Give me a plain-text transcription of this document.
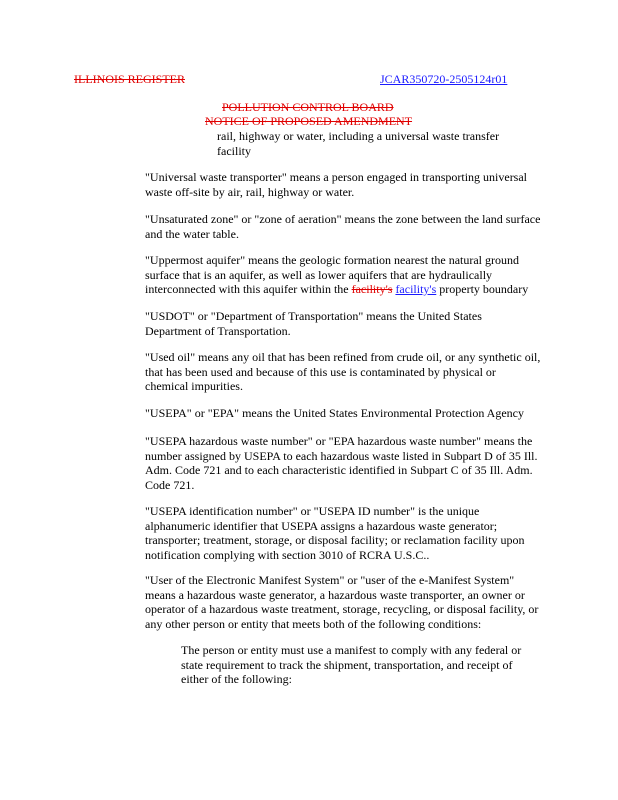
ILLINOIS REGISTER	JCAR350720-2505124r01
POLLUTION CONTROL BOARD
NOTICE OF PROPOSED AMENDMENT
rail, highway or water, including a universal waste transfer
facility
"Universal waste transporter" means a person engaged in transporting universal
waste off-site by air, rail, highway or water.
"Unsaturated zone" or "zone of aeration" means the zone between the land surface
and the water table.
"Uppermost aquifer" means the geologic formation nearest the natural ground
surface that is an aquifer, as well as lower aquifers that are hydraulically
interconnected with this aquifer within the facility's facility's property boundary
"USDOT" or "Department of Transportation" means the United States
Department of Transportation.
"Used oil" means any oil that has been refined from crude oil, or any synthetic oil,
that has been used and because of this use is contaminated by physical or
chemical impurities.
"USEPA" or "EPA" means the United States Environmental Protection Agency
"USEPA hazardous waste number" or "EPA hazardous waste number" means the
number assigned by USEPA to each hazardous waste listed in Subpart D of 35 Ill.
Adm. Code 721 and to each characteristic identified in Subpart C of 35 Ill. Adm.
Code 721.
"USEPA identification number" or "USEPA ID number" is the unique
alphanumeric identifier that USEPA assigns a hazardous waste generator;
transporter; treatment, storage, or disposal facility; or reclamation facility upon
notification complying with section 3010 of RCRA U.S.C..
"User of the Electronic Manifest System" or "user of the e-Manifest System"
means a hazardous waste generator, a hazardous waste transporter, an owner or
operator of a hazardous waste treatment, storage, recycling, or disposal facility, or
any other person or entity that meets both of the following conditions:
The person or entity must use a manifest to comply with any federal or
state requirement to track the shipment, transportation, and receipt of
either of the following:
